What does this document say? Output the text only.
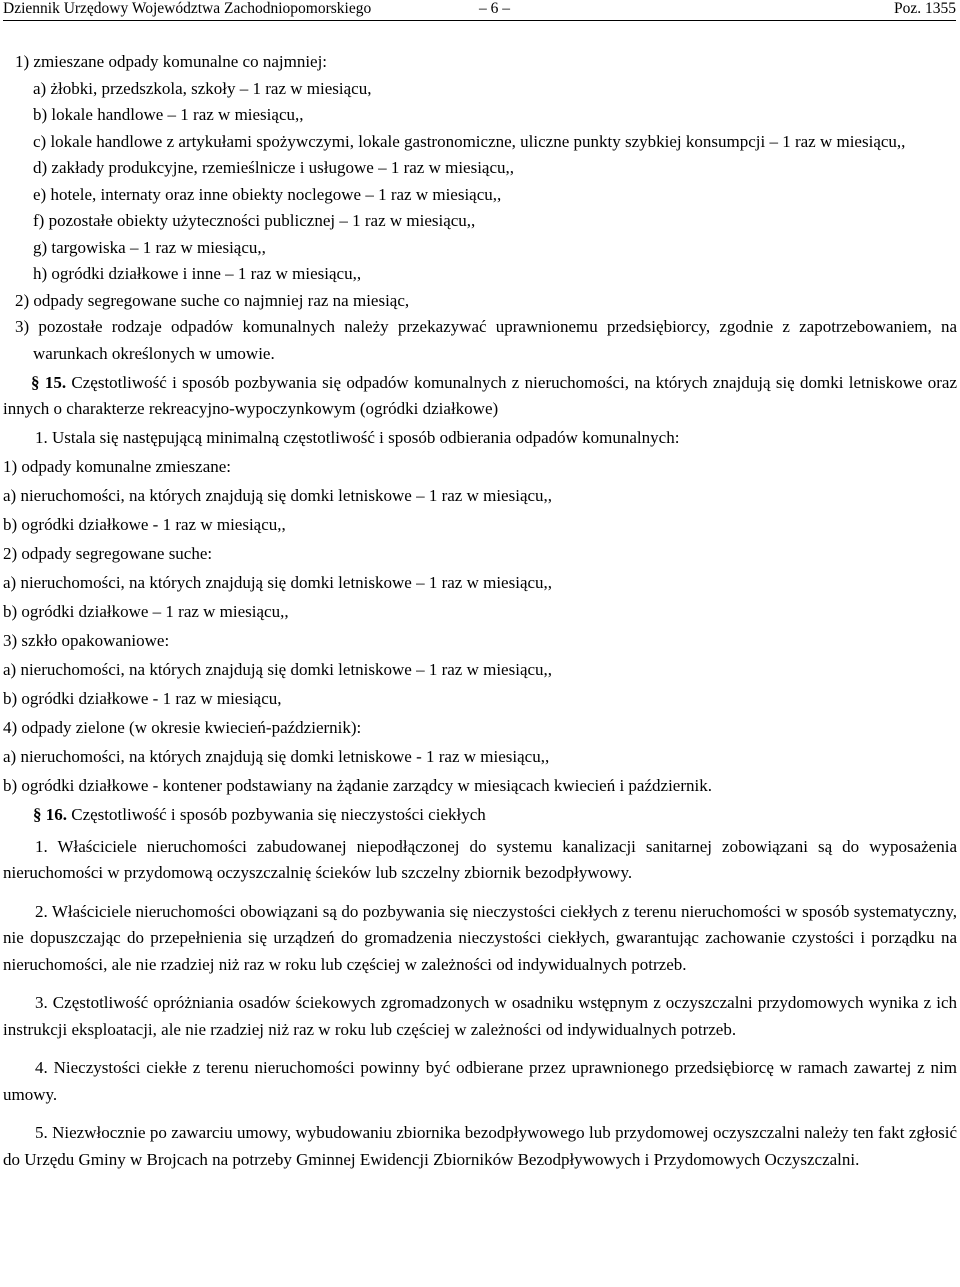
Dziennik Urzędowy Województwa Zachodniopomorskiego	– 6 –	Poz. 1355

1) zmieszane odpady komunalne co najmniej:

a) żłobki, przedszkola, szkoły – 1 raz w miesiącu,

b) lokale handlowe – 1 raz w miesiącu,,

c) lokale handlowe z artykułami spożywczymi, lokale gastronomiczne, uliczne punkty szybkiej konsumpcji – 1 raz w miesiącu,,

d) zakłady produkcyjne, rzemieślnicze i usługowe – 1 raz w miesiącu,,

e) hotele, internaty oraz inne obiekty noclegowe – 1 raz w miesiącu,,

f) pozostałe obiekty użyteczności publicznej – 1 raz w miesiącu,,

g) targowiska – 1 raz w miesiącu,,

h) ogródki działkowe i inne – 1 raz w miesiącu,,

2) odpady segregowane suche co najmniej raz na miesiąc,

3) pozostałe rodzaje odpadów komunalnych należy przekazywać uprawnionemu przedsiębiorcy, zgodnie z zapotrzebowaniem, na warunkach określonych w umowie.

§ 15. Częstotliwość i sposób pozbywania się odpadów komunalnych z nieruchomości, na których znajdują się domki letniskowe oraz innych o charakterze rekreacyjno-wypoczynkowym (ogródki działkowe)

1. Ustala się następującą minimalną częstotliwość i sposób odbierania odpadów komunalnych:

1) odpady komunalne zmieszane:

a) nieruchomości, na których znajdują się domki letniskowe – 1 raz w miesiącu,,

b) ogródki działkowe - 1 raz w miesiącu,,

2) odpady segregowane suche:

a) nieruchomości, na których znajdują się domki letniskowe – 1 raz w miesiącu,,

b) ogródki działkowe – 1 raz w miesiącu,,

3) szkło opakowaniowe:

a) nieruchomości, na których znajdują się domki letniskowe – 1 raz w miesiącu,,

b) ogródki działkowe - 1 raz w miesiącu,

4) odpady zielone (w okresie kwiecień-październik):

a) nieruchomości, na których znajdują się domki letniskowe - 1 raz w miesiącu,,

b) ogródki działkowe - kontener podstawiany na żądanie zarządcy w miesiącach kwiecień i październik.

§ 16. Częstotliwość i sposób pozbywania się nieczystości ciekłych

1. Właściciele nieruchomości zabudowanej niepodłączonej do systemu kanalizacji sanitarnej zobowiązani są do wyposażenia nieruchomości w przydomową oczyszczalnię ścieków lub szczelny zbiornik bezodpływowy.

2. Właściciele nieruchomości obowiązani są do pozbywania się nieczystości ciekłych z terenu nieruchomości w sposób systematyczny, nie dopuszczając do przepełnienia się urządzeń do gromadzenia nieczystości ciekłych, gwarantując zachowanie czystości i porządku na nieruchomości, ale nie rzadziej niż raz w roku lub częściej w zależności od indywidualnych potrzeb.

3. Częstotliwość opróżniania osadów ściekowych zgromadzonych w osadniku wstępnym z oczyszczalni przydomowych wynika z ich instrukcji eksploatacji, ale nie rzadziej niż raz w roku lub częściej w zależności od indywidualnych potrzeb.

4. Nieczystości ciekłe z terenu nieruchomości powinny być odbierane przez uprawnionego przedsiębiorcę w ramach zawartej z nim umowy.

5. Niezwłocznie po zawarciu umowy, wybudowaniu zbiornika bezodpływowego lub przydomowej oczyszczalni należy ten fakt zgłosić do Urzędu Gminy w Brojcach na potrzeby Gminnej Ewidencji Zbiorników Bezodpływowych i Przydomowych Oczyszczalni.
